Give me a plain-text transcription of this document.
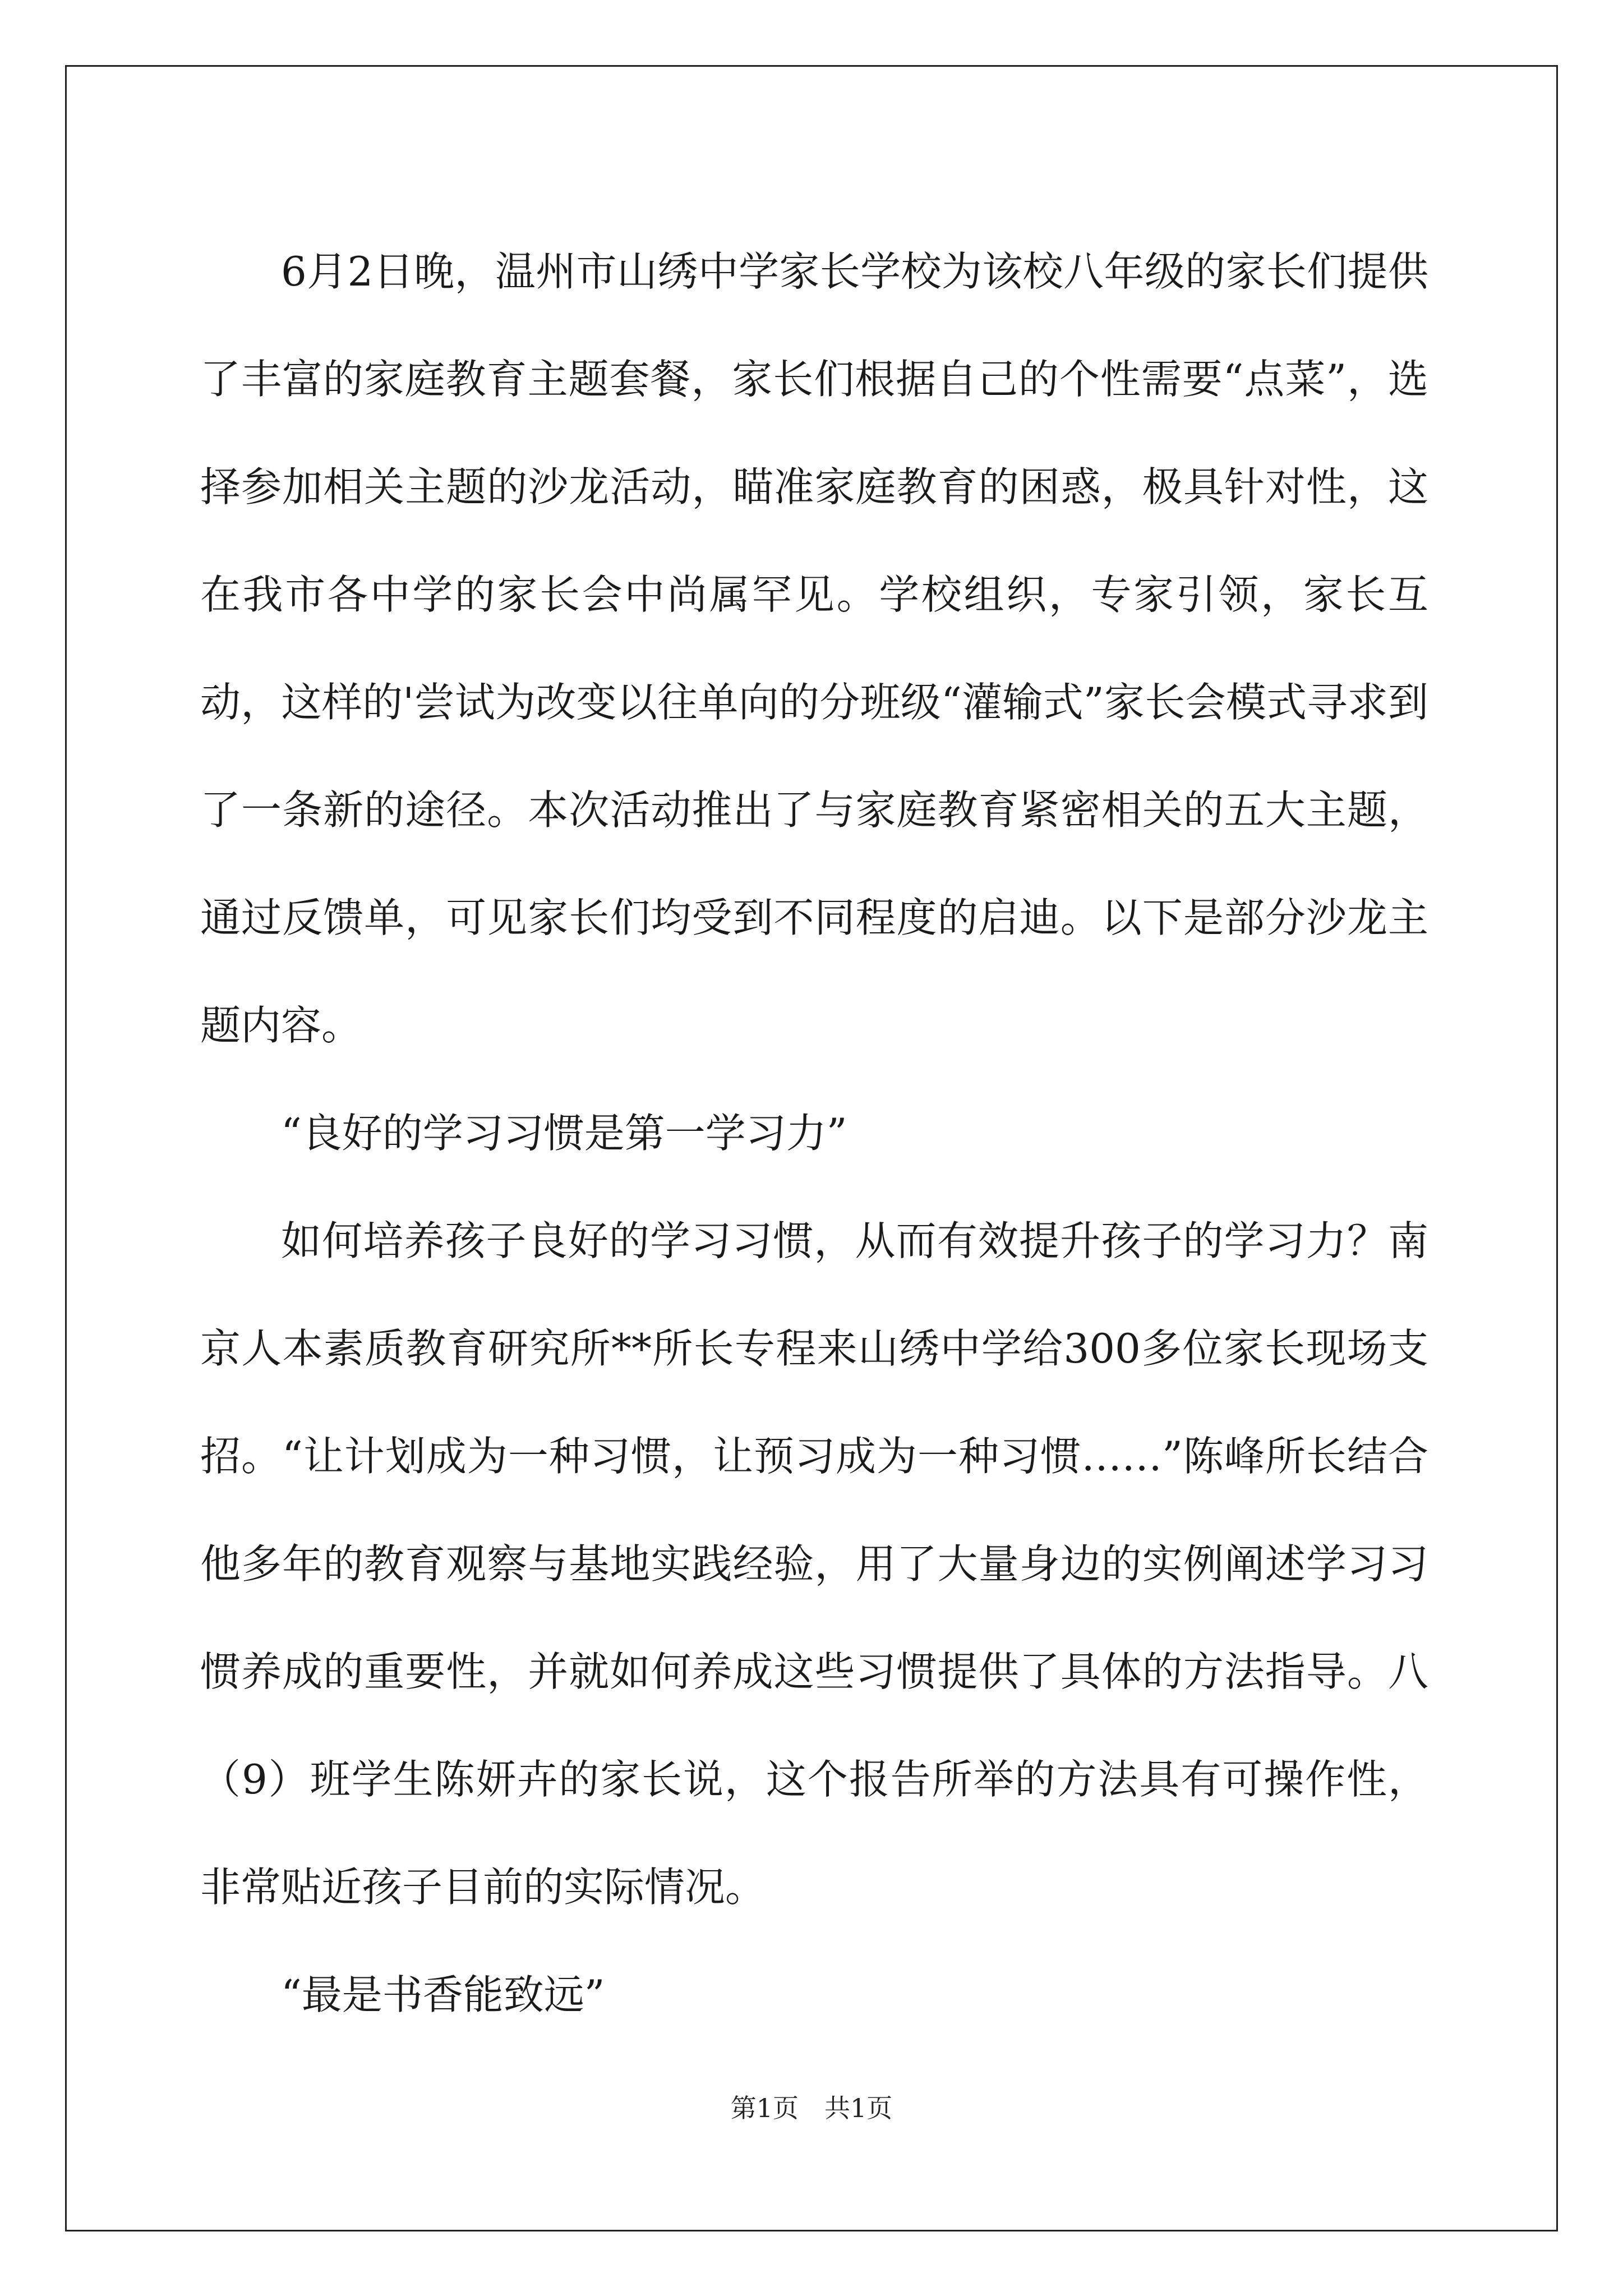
6月2日晚，温州市山绣中学家长学校为该校八年级的家长们提供了丰富的家庭教育主题套餐，家长们根据自己的个性需要“点菜”，选择参加相关主题的沙龙活动，瞄准家庭教育的困惑，极具针对性，这在我市各中学的家长会中尚属罕见。学校组织，专家引领，家长互动，这样的'尝试为改变以往单向的分班级“灌输式”家长会模式寻求到了一条新的途径。本次活动推出了与家庭教育紧密相关的五大主题，通过反馈单，可见家长们均受到不同程度的启迪。以下是部分沙龙主题内容。

“良好的学习习惯是第一学习力”

如何培养孩子良好的学习习惯，从而有效提升孩子的学习力？南京人本素质教育研究所**所长专程来山绣中学给300多位家长现场支招。“让计划成为一种习惯，让预习成为一种习惯……”陈峰所长结合他多年的教育观察与基地实践经验，用了大量身边的实例阐述学习习惯养成的重要性，并就如何养成这些习惯提供了具体的方法指导。八（9）班学生陈妍卉的家长说，这个报告所举的方法具有可操作性，非常贴近孩子目前的实际情况。

“最是书香能致远”

第1页 共1页
